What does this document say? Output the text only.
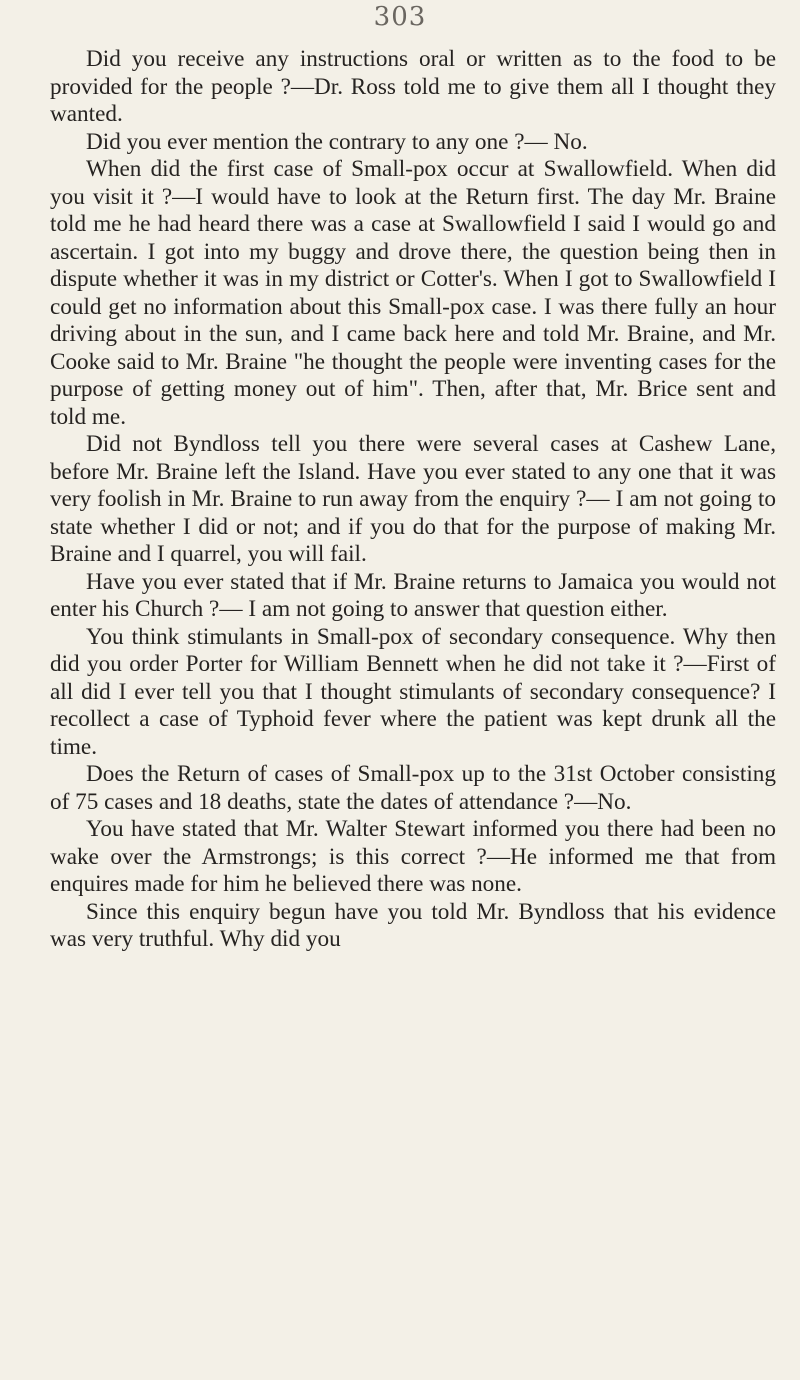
303

Did you receive any instructions oral or written as to the food to be provided for the people ?—Dr. Ross told me to give them all I thought they wanted.

Did you ever mention the contrary to any one ?— No.

When did the first case of Small-pox occur at Swallowfield. When did you visit it ?—I would have to look at the Return first. The day Mr. Braine told me he had heard there was a case at Swallowfield I said I would go and ascertain. I got into my buggy and drove there, the question being then in dispute whether it was in my district or Cotter's. When I got to Swallowfield I could get no information about this Small-pox case. I was there fully an hour driving about in the sun, and I came back here and told Mr. Braine, and Mr. Cooke said to Mr. Braine "he thought the people were inventing cases for the purpose of getting money out of him". Then, after that, Mr. Brice sent and told me.

Did not Byndloss tell you there were several cases at Cashew Lane, before Mr. Braine left the Island. Have you ever stated to any one that it was very foolish in Mr. Braine to run away from the enquiry ?— I am not going to state whether I did or not; and if you do that for the purpose of making Mr. Braine and I quarrel, you will fail.

Have you ever stated that if Mr. Braine returns to Jamaica you would not enter his Church ?— I am not going to answer that question either.

You think stimulants in Small-pox of secondary consequence. Why then did you order Porter for William Bennett when he did not take it ?—First of all did I ever tell you that I thought stimulants of secondary consequence? I recollect a case of Typhoid fever where the patient was kept drunk all the time.

Does the Return of cases of Small-pox up to the 31st October consisting of 75 cases and 18 deaths, state the dates of attendance ?—No.

You have stated that Mr. Walter Stewart informed you there had been no wake over the Armstrongs; is this correct ?—He informed me that from enquires made for him he believed there was none.

Since this enquiry begun have you told Mr. Byndloss that his evidence was very truthful. Why did you
